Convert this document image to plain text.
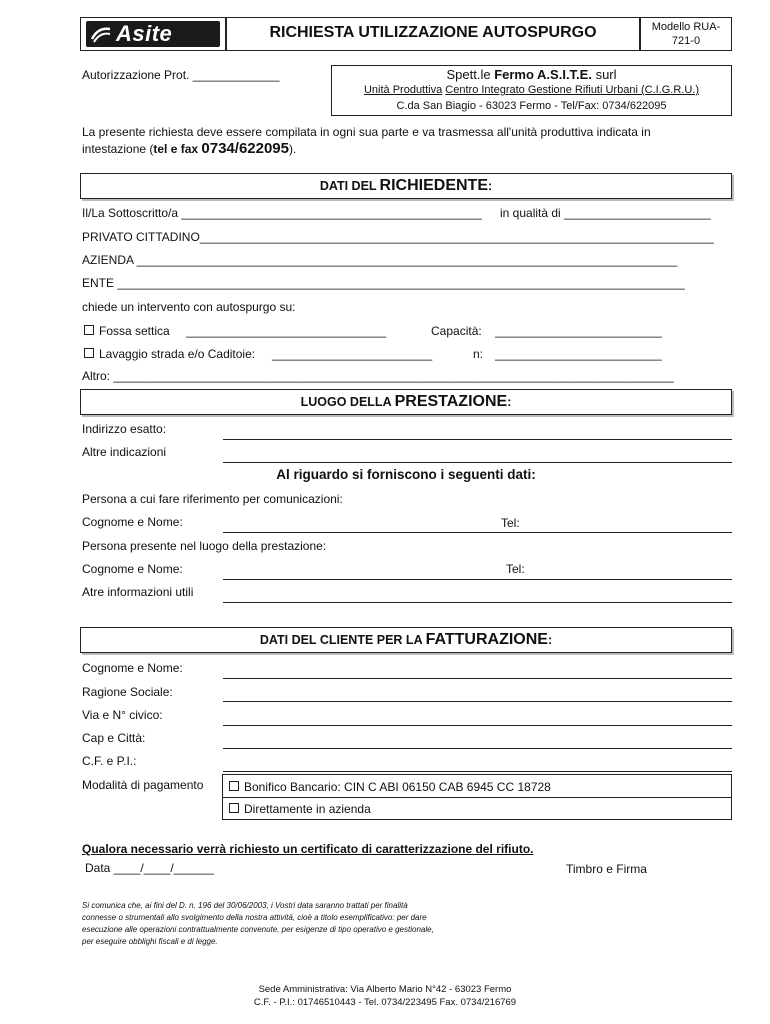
Asite	RICHIESTA UTILIZZAZIONE AUTOSPURGO	Modello RUA-
721-0
Autorizzazione Prot. _____________	Spett.le Fermo A.S.I.T.E. surl
Unità Produttiva Centro Integrato Gestione Rifiuti Urbani (C.I.G.R.U.)
C.da San Biagio - 63023 Fermo - Tel/Fax: 0734/622095
La presente richiesta deve essere compilata in ogni sua parte e va trasmessa all'unità produttiva indicata in
intestazione (tel e fax 0734/622095).
DATI DEL RICHIEDENTE :
Il/La Sottoscritto/a _____________________________________________ in qualità di ______________________
PRIVATO CITTADINO_____________________________________________________________________________
AZIENDA _________________________________________________________________________________
ENTE _____________________________________________________________________________________
chiede un intervento con autospurgo su:
Fossa settica ______________________________	Capacità: _________________________
Lavaggio strada e/o Caditoie: ________________________	n: _________________________
Altro: ____________________________________________________________________________________
LUOGO DELLA PRESTAZIONE :
Indirizzo esatto:
Altre indicazioni
Al riguardo si forniscono i seguenti dati:
Persona a cui fare riferimento per comunicazioni:
Cognome e Nome:	Tel:
Persona presente nel luogo della prestazione:
Cognome e Nome:	Tel:
Atre informazioni utili
DATI DEL CLIENTE PER LA FATTURAZIONE :
Cognome e Nome:
Ragione Sociale:
Via e N° civico:
Cap e Città:
C.F. e P.I.:
Modalità di pagamento	Bonifico Bancario: CIN C ABI 06150 CAB 6945 CC 18728
Direttamente in azienda
Qualora necessario verrà richiesto un certificato di caratterizzazione del rifiuto.
Data ____/____/______	Timbro e Firma
Si comunica che, ai fini del D. n. 196 del 30/06/2003, i Vostri data saranno trattati per finalità
connesse o strumentali allo svolgimento della nostra attività, cioè a titolo esemplificativo: per dare
esecuzione alle operazioni contrattualmente convenute, per esigenze di tipo operativo e gestionale,
per eseguire obblighi fiscali e di legge.
Sede Amministrativa: Via Alberto Mario N°42 - 63023 Fermo
C.F. - P.I.: 01746510443 - Tel. 0734/223495 Fax. 0734/216769
